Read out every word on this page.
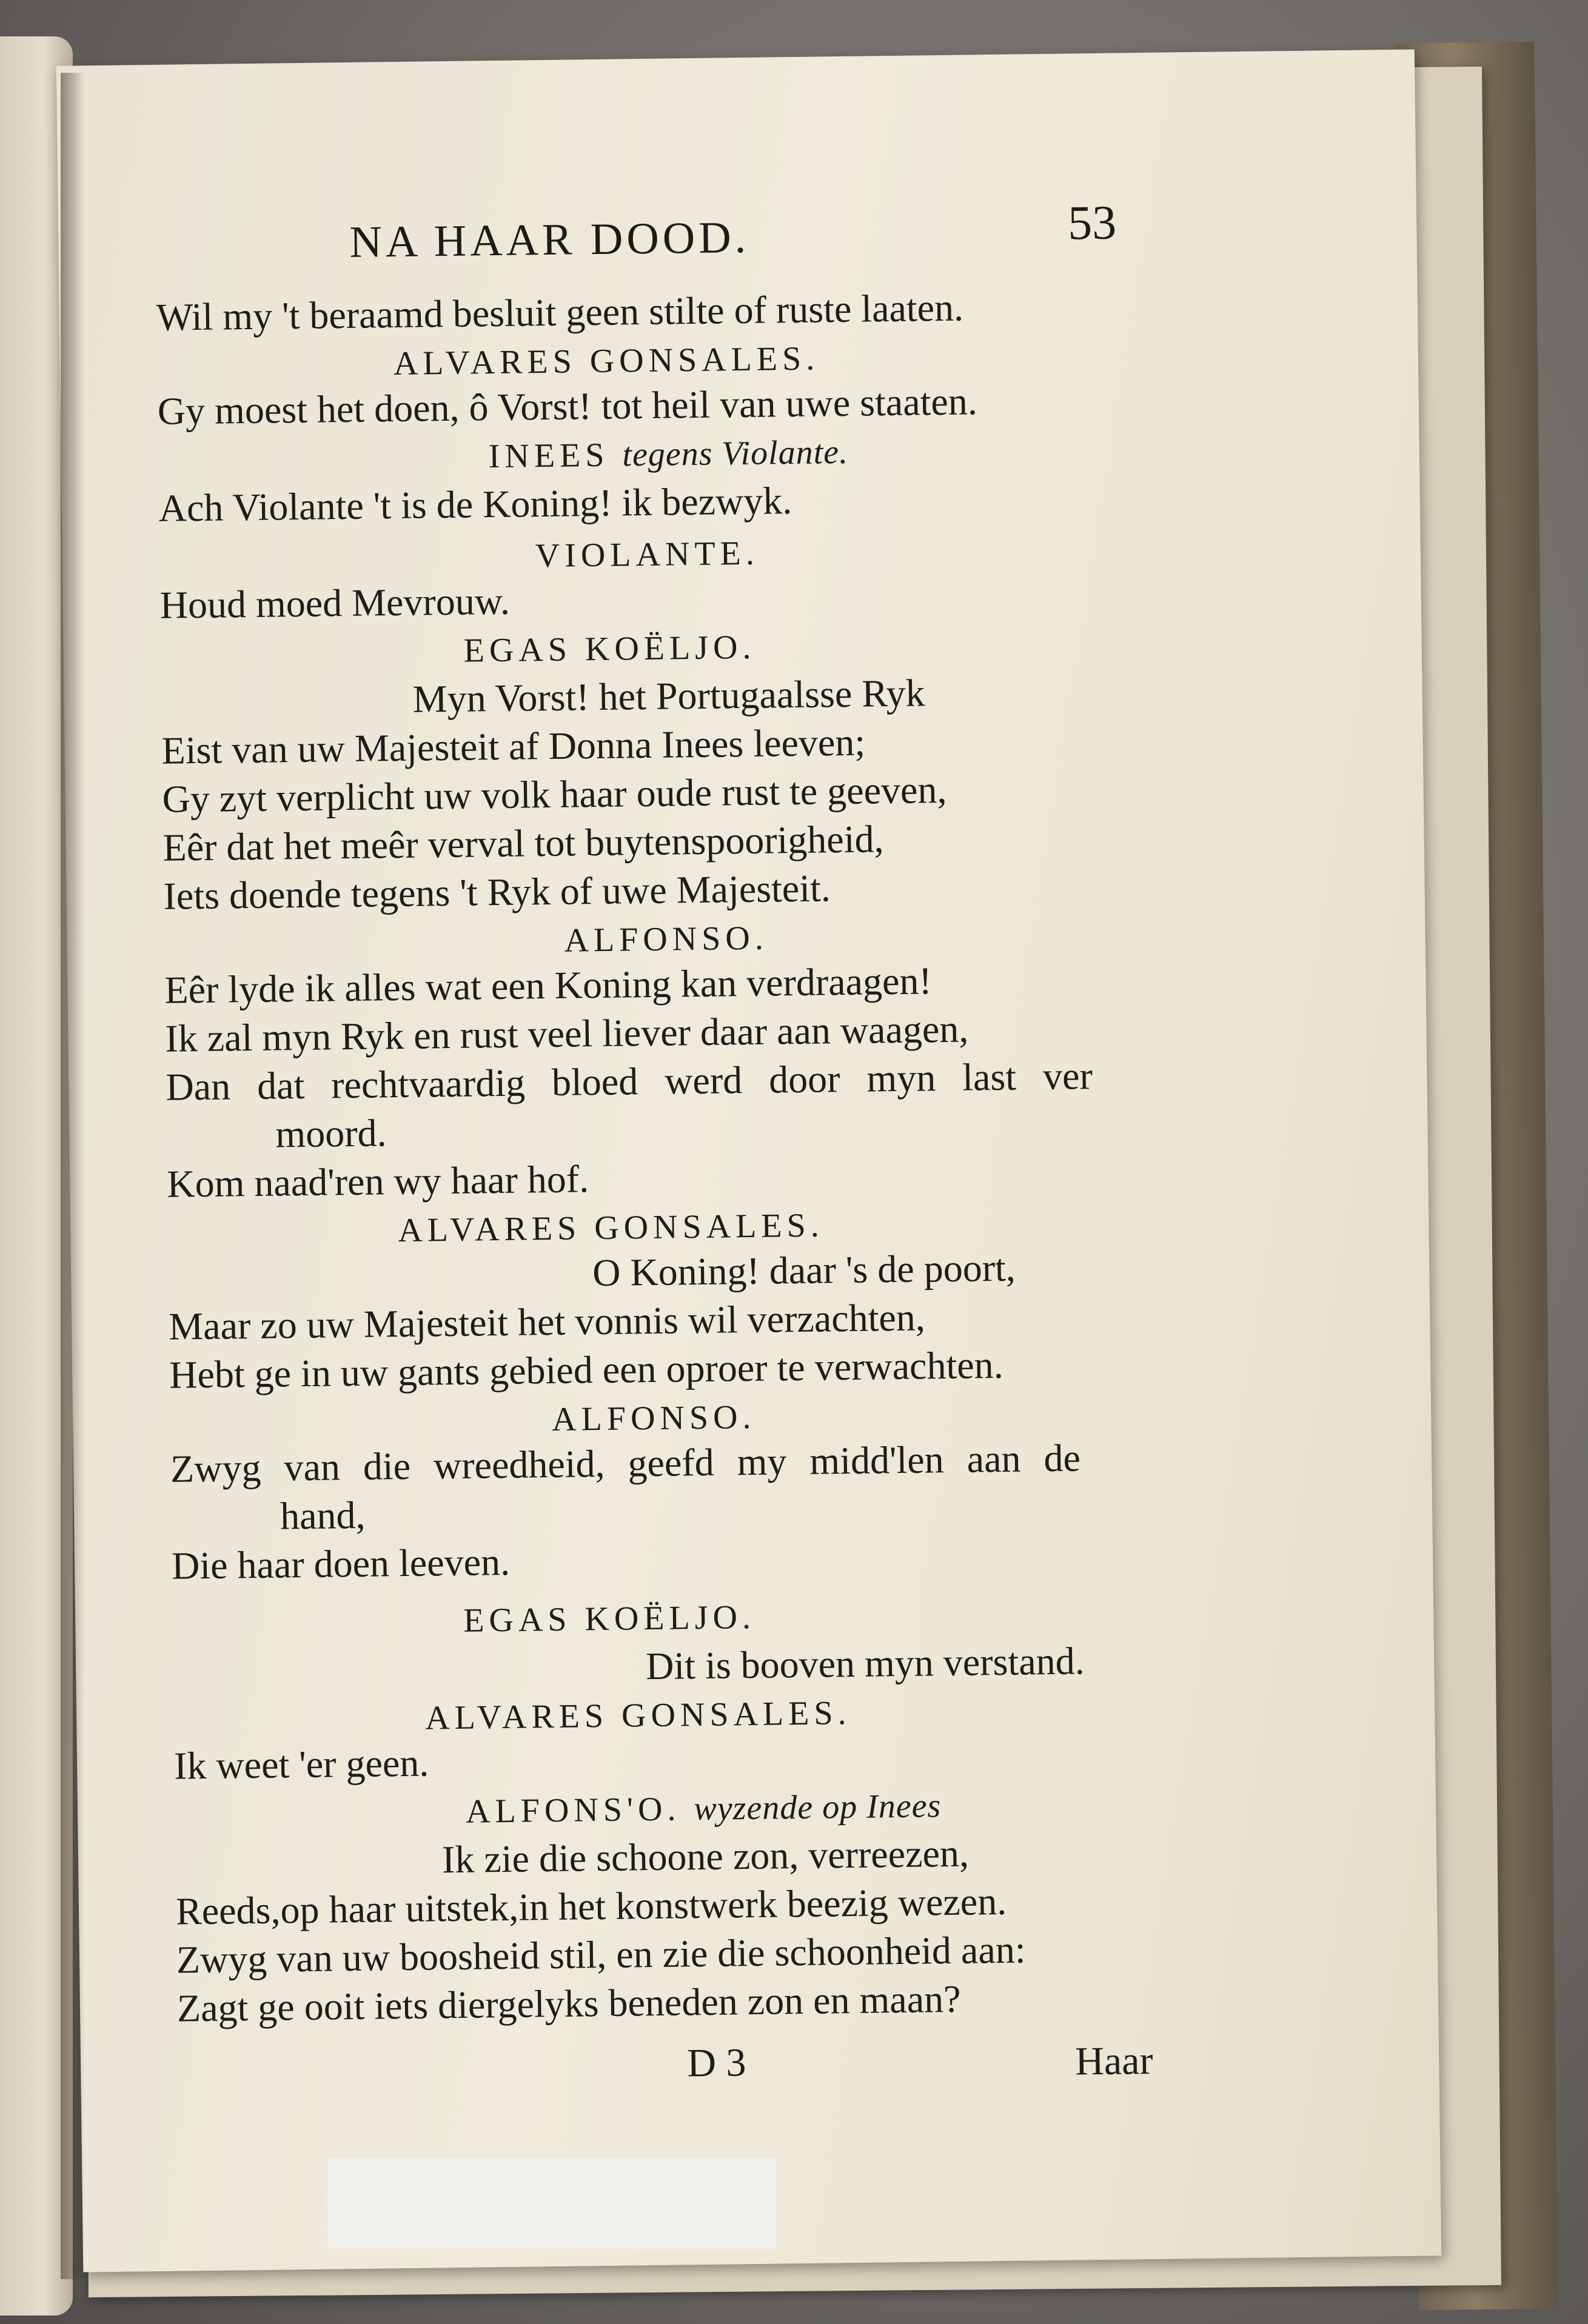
NA HAAR DOOD.	53
Wil my 't beraamd besluit geen stilte of ruste laaten.
ALVARES GONSALES.
Gy moest het doen, ô Vorst! tot heil van uwe staaten.
INEES tegens Violante.
Ach Violante 't is de Koning! ik bezwyk.
VIOLANTE.
Houd moed Mevrouw.
EGAS KOËLJO.
Myn Vorst! het Portugaalsse Ryk
Eist van uw Majesteit af Donna Inees leeven;
Gy zyt verplicht uw volk haar oude rust te geeven,
Eêr dat het meêr verval tot buytenspoorigheid,
Iets doende tegens 't Ryk of uwe Majesteit.
ALFONSO.
Eêr lyde ik alles wat een Koning kan verdraagen!
Ik zal myn Ryk en rust veel liever daar aan waagen,
Dan dat rechtvaardig bloed werd door myn last ver
moord.
Kom naad'ren wy haar hof.
ALVARES GONSALES.
O Koning! daar 's de poort,
Maar zo uw Majesteit het vonnis wil verzachten,
Hebt ge in uw gants gebied een oproer te verwachten.
ALFONSO.
Zwyg van die wreedheid, geefd my midd'len aan de
hand,
Die haar doen leeven.
EGAS KOËLJO.
Dit is booven myn verstand.
ALVARES GONSALES.
Ik weet 'er geen.
ALFONS'O. wyzende op Inees
Ik zie die schoone zon, verreezen,
Reeds,op haar uitstek,in het konstwerk beezig wezen.
Zwyg van uw boosheid stil, en zie die schoonheid aan:
Zagt ge ooit iets diergelyks beneden zon en maan?
D 3	Haar
